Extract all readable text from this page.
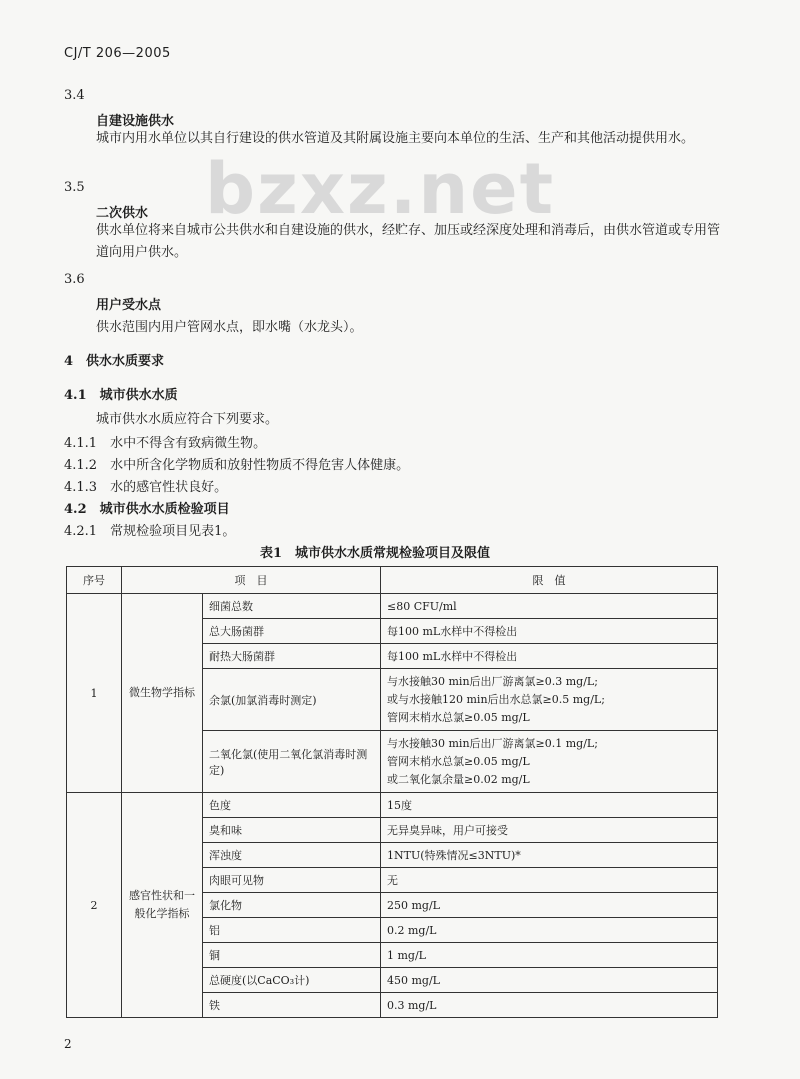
CJ/T 206—2005
bzxz.net
3.4
自建设施供水
城市内用水单位以其自行建设的供水管道及其附属设施主要向本单位的生活、生产和其他活动提供用水。
3.5
二次供水
供水单位将来自城市公共供水和自建设施的供水，经贮存、加压或经深度处理和消毒后，由供水管道或专用管道向用户供水。
3.6
用户受水点
供水范围内用户管网水点，即水嘴（水龙头）。
4　供水水质要求
4.1　城市供水水质
城市供水水质应符合下列要求。
4.1.1　水中不得含有致病微生物。
4.1.2　水中所含化学物质和放射性物质不得危害人体健康。
4.1.3　水的感官性状良好。
4.2　城市供水水质检验项目
4.2.1　常规检验项目见表1。
表1　城市供水水质常规检验项目及限值
序号	项　目		限　值
1	微生物学指标	细菌总数	≤80 CFU/ml
		总大肠菌群	每100 mL水样中不得检出
		耐热大肠菌群	每100 mL水样中不得检出
		余氯(加氯消毒时测定)	与水接触30 min后出厂游离氯≥0.3 mg/L;
或与水接触120 min后出水总氯≥0.5 mg/L;
管网末梢水总氯≥0.05 mg/L

		二氧化氯(使用二氧化氯消毒时测定)	与水接触30 min后出厂游离氯≥0.1 mg/L;
管网末梢水总氯≥0.05 mg/L
或二氧化氯余量≥0.02 mg/L

2	感官性状和一般化学指标	色度	15度
		臭和味	无异臭异味，用户可接受
		浑浊度	1NTU(特殊情况≤3NTU)*
		肉眼可见物	无
		氯化物	250 mg/L
		铝	0.2 mg/L
		铜	1 mg/L
		总硬度(以CaCO₃计)	450 mg/L
		铁	0.3 mg/L
2
